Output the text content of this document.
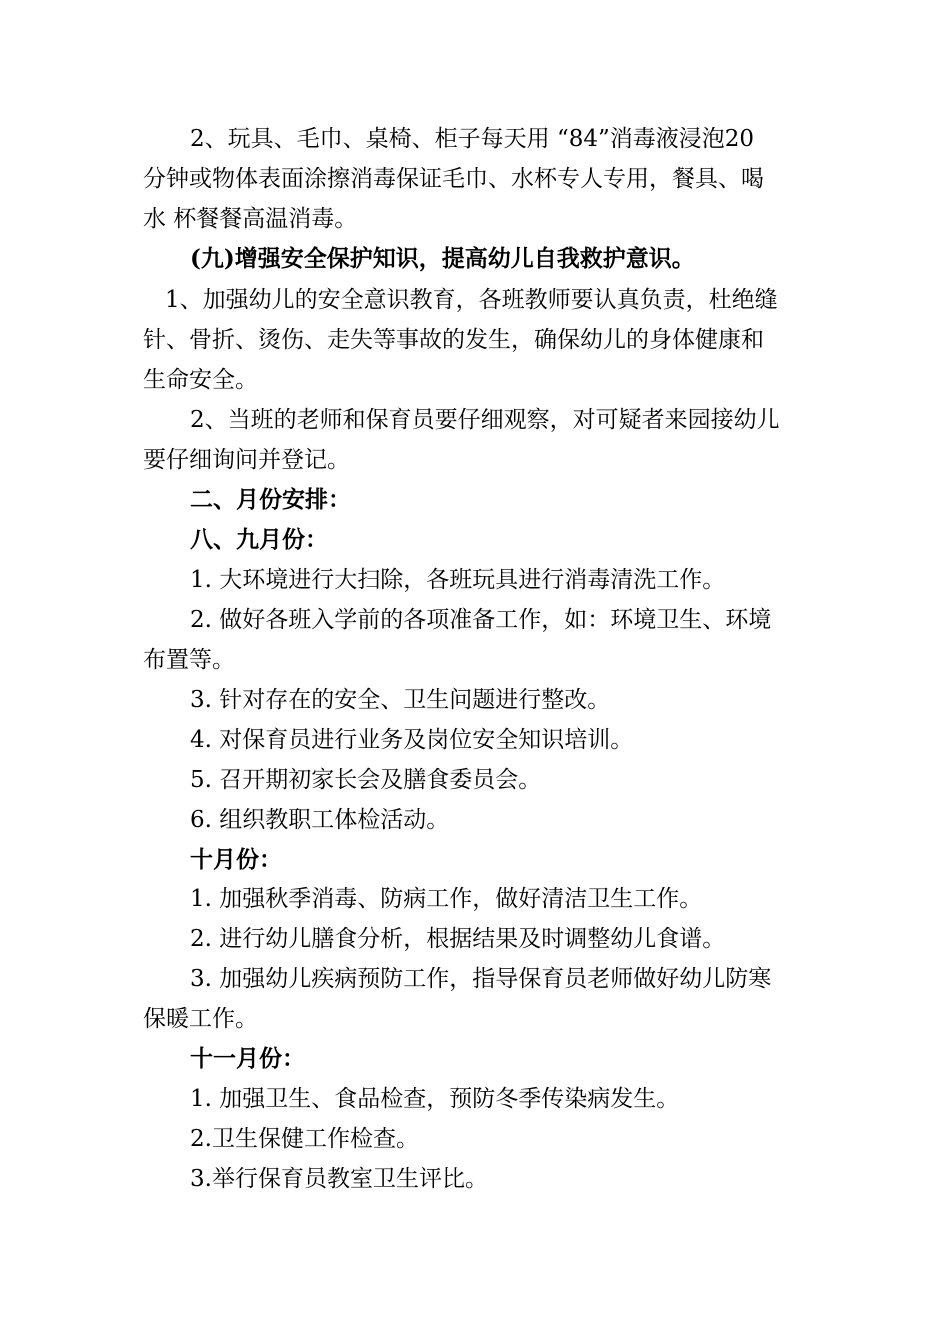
2、玩具、毛巾、桌椅、柜子每天用 “84”消毒液浸泡20
分钟或物体表面涂擦消毒保证毛巾、水杯专人专用，餐具、喝
水 杯餐餐高温消毒。
(九)增强安全保护知识，提高幼儿自我救护意识。
1、加强幼儿的安全意识教育，各班教师要认真负责，杜绝缝
针、骨折、烫伤、走失等事故的发生，确保幼儿的身体健康和
生命安全。
2、当班的老师和保育员要仔细观察，对可疑者来园接幼儿
要仔细询问并登记。
二、月份安排：
八、九月份：
1. 大环境进行大扫除，各班玩具进行消毒清洗工作。
2. 做好各班入学前的各项准备工作，如：环境卫生、环境
布置等。
3. 针对存在的安全、卫生问题进行整改。
4. 对保育员进行业务及岗位安全知识培训。
5. 召开期初家长会及膳食委员会。
6. 组织教职工体检活动。
十月份：
1. 加强秋季消毒、防病工作，做好清洁卫生工作。
2. 进行幼儿膳食分析，根据结果及时调整幼儿食谱。
3. 加强幼儿疾病预防工作，指导保育员老师做好幼儿防寒
保暖工作。
十一月份：
1. 加强卫生、食品检查，预防冬季传染病发生。
2.卫生保健工作检查。
3.举行保育员教室卫生评比。
